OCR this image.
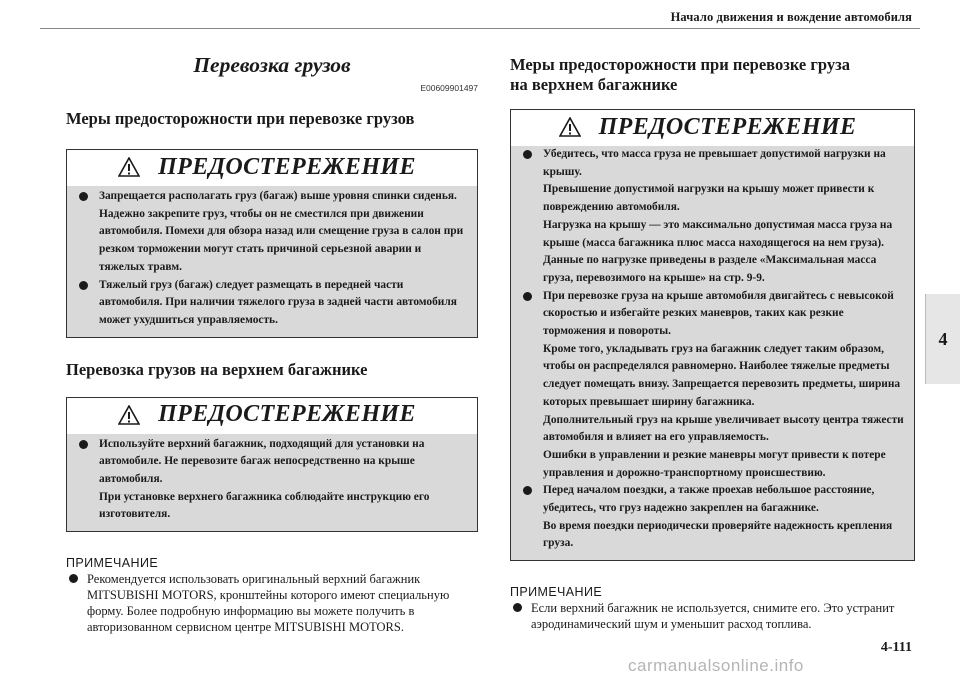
Начало движения и вождение автомобиля
4
Перевозка грузов
E00609901497
Меры предосторожности при перевозке грузов
ПРЕДОСТЕРЕЖЕНИЕ
Запрещается располагать груз (багаж) выше уровня спинки сиденья. Надежно закрепите груз, чтобы он не сместился при движении автомобиля. Помехи для обзора назад или смещение груза в салон при резком торможении могут стать причиной серьезной аварии и тяжелых травм.
Тяжелый груз (багаж) следует размещать в передней части автомобиля. При наличии тяжелого груза в задней части автомобиля может ухудшиться управляемость.
Перевозка грузов на верхнем багажнике
ПРЕДОСТЕРЕЖЕНИЕ
Используйте верхний багажник, подходящий для установки на автомобиле. Не перевозите багаж непосредственно на крыше автомобиля.
При установке верхнего багажника соблюдайте инструкцию его изготовителя.
ПРИМЕЧАНИЕ
Рекомендуется использовать оригинальный верхний багажник MITSUBISHI MOTORS, кронштейны которого имеют специальную форму. Более подробную информацию вы можете получить в авторизованном сервисном центре MITSUBISHI MOTORS.
Меры предосторожности при перевозке груза
на верхнем багажнике
ПРЕДОСТЕРЕЖЕНИЕ
Убедитесь, что масса груза не превышает допустимой нагрузки на крышу.
Превышение допустимой нагрузки на крышу может привести к повреждению автомобиля.
Нагрузка на крышу — это максимально допустимая масса груза на крыше (масса багажника плюс масса находящегося на нем груза).
Данные по нагрузке приведены в разделе «Максимальная масса груза, перевозимого на крыше» на стр. 9-9.
При перевозке груза на крыше автомобиля двигайтесь с невысокой скоростью и избегайте резких маневров, таких как резкие торможения и повороты.
Кроме того, укладывать груз на багажник следует таким образом, чтобы он распределялся равномерно. Наиболее тяжелые предметы следует помещать внизу. Запрещается перевозить предметы, ширина которых превышает ширину багажника.
Дополнительный груз на крыше увеличивает высоту центра тяжести автомобиля и влияет на его управляемость.
Ошибки в управлении и резкие маневры могут привести к потере управления и дорожно-транспортному происшествию.
Перед началом поездки, а также проехав небольшое расстояние, убедитесь, что груз надежно закреплен на багажнике.
Во время поездки периодически проверяйте надежность крепления груза.
ПРИМЕЧАНИЕ
Если верхний багажник не используется, снимите его. Это устранит аэродинамический шум и уменьшит расход топлива.
4-111
carmanualsonline.info
